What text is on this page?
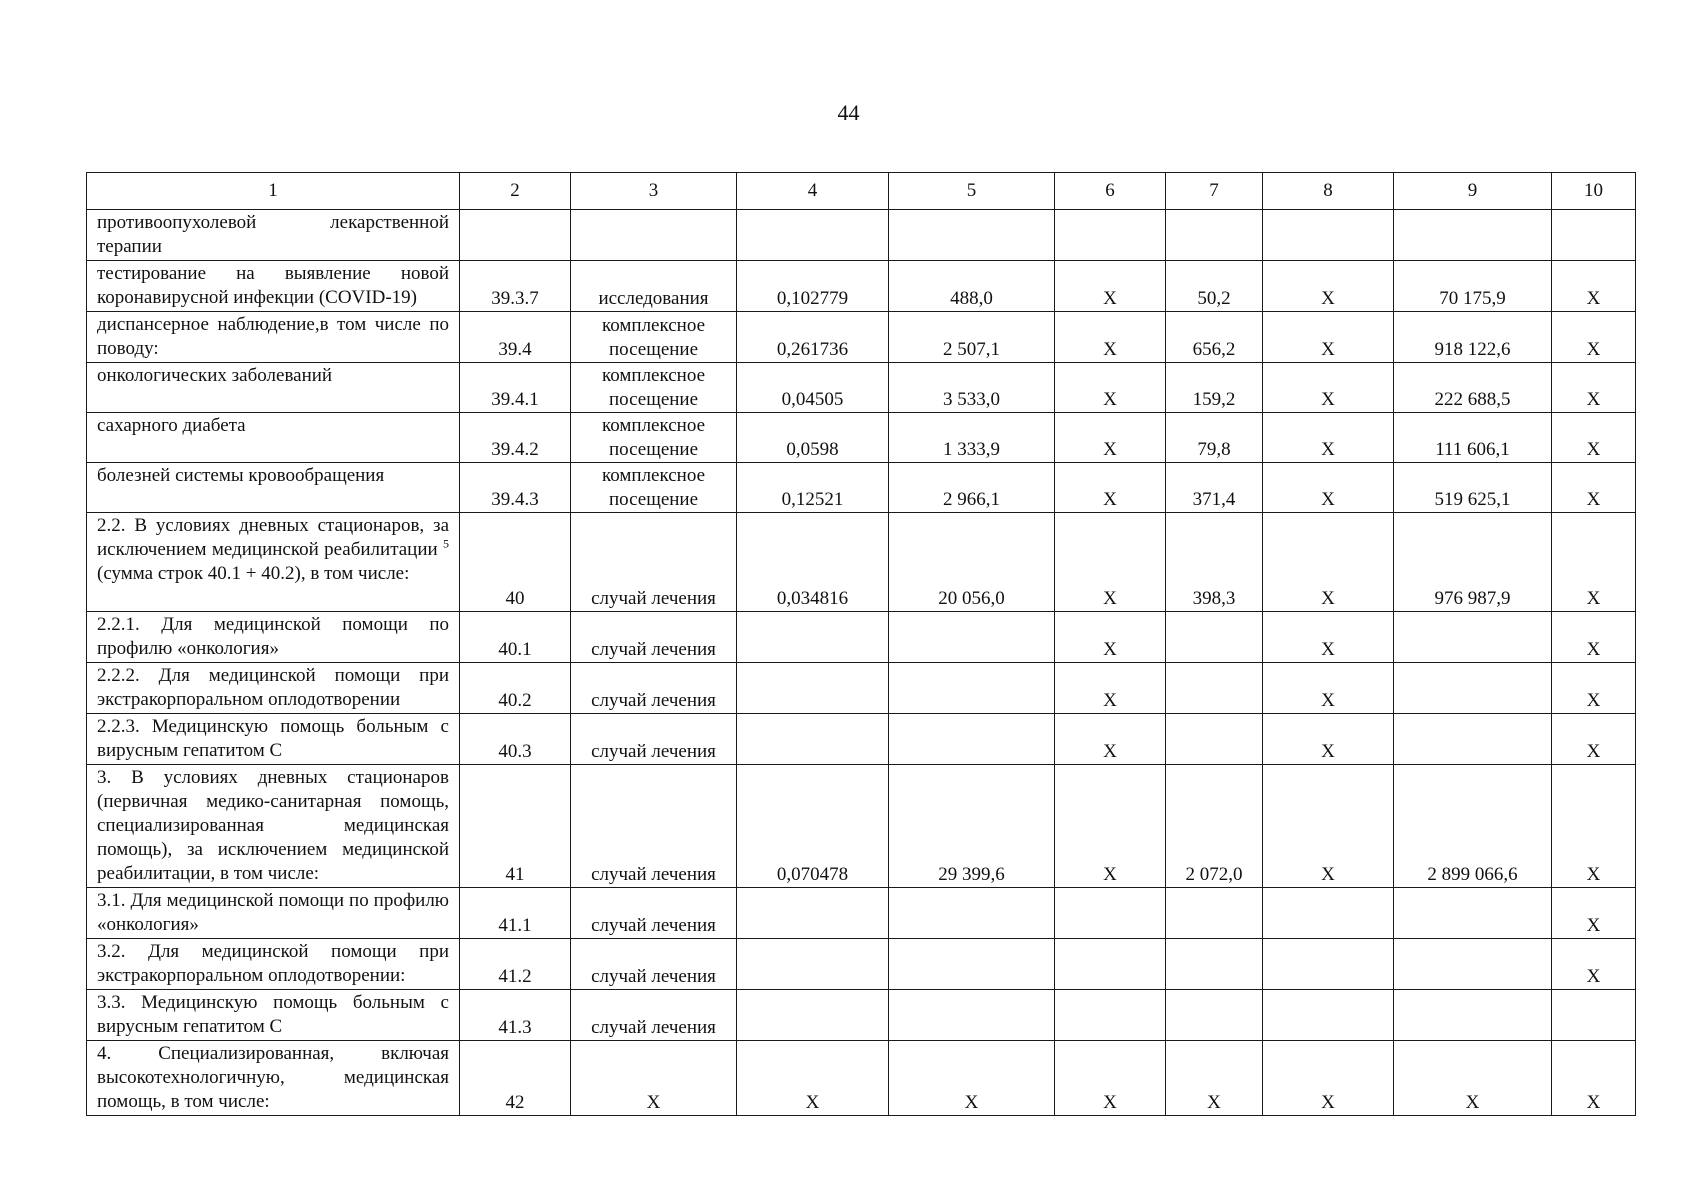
44
1	2	3	4	5	6	7	8	9	10
противоопухолевой лекарственной терапии									
тестирование на выявление новой коронавирусной инфекции (COVID-19)	39.3.7	исследования	0,102779	488,0	Х	50,2	Х	70 175,9	Х
диспансерное наблюдение,в том числе по поводу:	39.4	комплексное посещение	0,261736	2 507,1	Х	656,2	Х	918 122,6	Х
онкологических заболеваний	39.4.1	комплексное посещение	0,04505	3 533,0	Х	159,2	Х	222 688,5	Х
сахарного диабета	39.4.2	комплексное посещение	0,0598	1 333,9	Х	79,8	Х	111 606,1	Х
болезней системы кровообращения	39.4.3	комплексное посещение	0,12521	2 966,1	Х	371,4	Х	519 625,1	Х
2.2. В условиях дневных стационаров, за исключением медицинской реабилитации $^5$ (сумма строк 40.1 + 40.2), в том числе:	40	случай лечения	0,034816	20 056,0	Х	398,3	Х	976 987,9	Х
2.2.1. Для медицинской помощи по профилю «онкология»	40.1	случай лечения			Х		Х		Х
2.2.2. Для медицинской помощи при экстракорпоральном оплодотворении	40.2	случай лечения			Х		Х		Х
2.2.3. Медицинскую помощь больным с вирусным гепатитом С	40.3	случай лечения			Х		Х		Х
3. В условиях дневных стационаров (первичная медико-санитарная помощь, специализированная медицинская помощь), за исключением медицинской реабилитации, в том числе:	41	случай лечения	0,070478	29 399,6	Х	2 072,0	Х	2 899 066,6	Х
3.1. Для медицинской помощи по профилю «онкология»	41.1	случай лечения							Х
3.2. Для медицинской помощи при экстракорпоральном оплодотворении:	41.2	случай лечения							Х
3.3. Медицинскую помощь больным с вирусным гепатитом С	41.3	случай лечения							
4. Специализированная, включая высокотехнологичную, медицинская помощь, в том числе:	42	Х	Х	Х	Х	Х	Х	Х	Х
